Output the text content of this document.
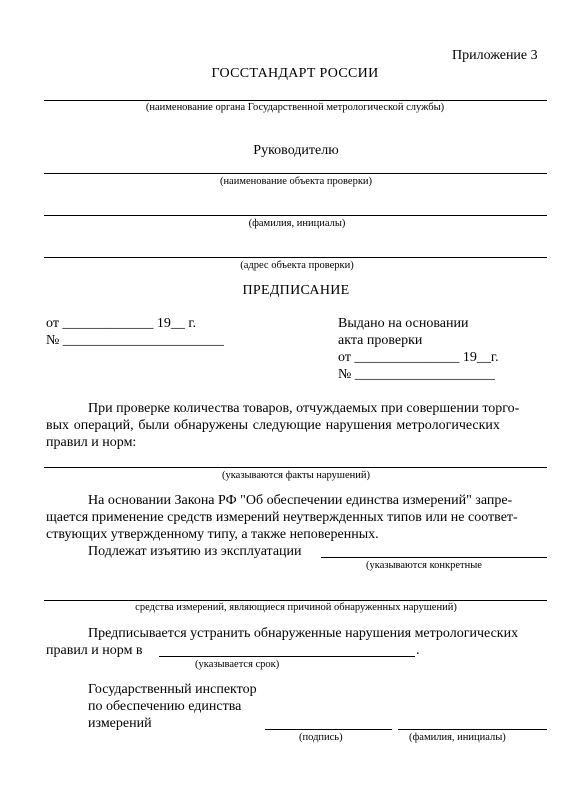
Приложение 3
ГОССТАНДАРТ РОССИИ
(наименование органа Государственной метрологической службы)
Руководителю
(наименование объекта проверки)
(фамилия, инициалы)
(адрес объекта проверки)
ПРЕДПИСАНИЕ
от _____________ 19__ г.
№ _______________________
Выдано на основании
акта проверки
от _______________ 19__г.
№ ____________________
При проверке количества товаров, отчуждаемых при совершении торго-
вых операций, были обнаружены следующие нарушения метрологических
правил и норм:
(указываются факты нарушений)
На основании Закона РФ "Об обеспечении единства измерений" запре-
щается применение средств измерений неутвержденных типов или не соответ-
ствующих утвержденному типу, а также неповеренных.
Подлежат изъятию из эксплуатации
(указываются конкретные
средства измерений, являющиеся причиной обнаруженных нарушений)
Предписывается устранить обнаруженные нарушения метрологических
правил и норм в	.
(указывается срок)
Государственный инспектор
по обеспечению единства
измерений
(подпись)	(фамилия, инициалы)
